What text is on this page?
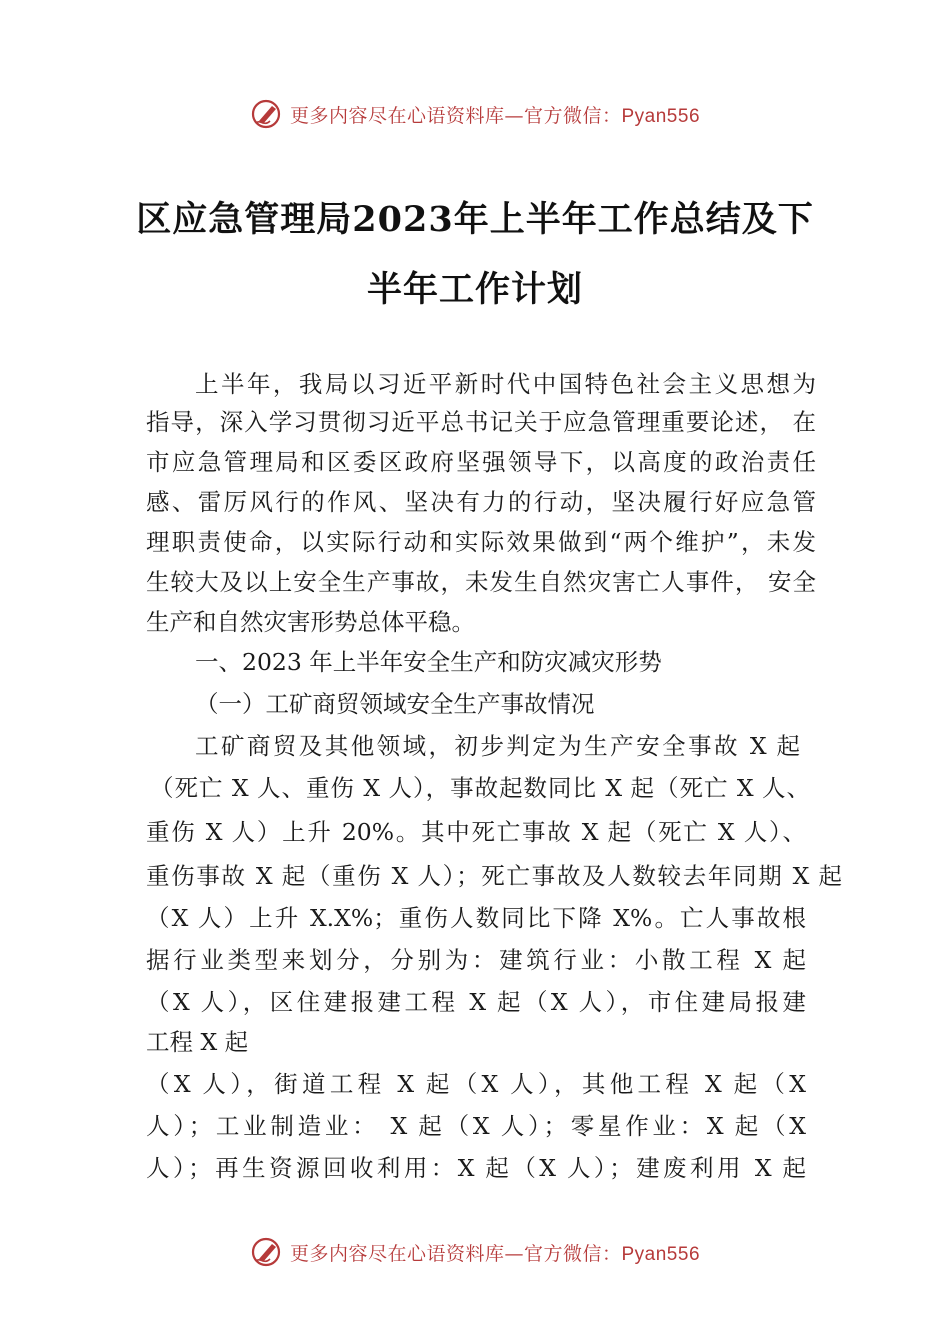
更多内容尽在心语资料库—官方微信：Pyan556
区应急管理局2023年上半年工作总结及下
半年工作计划
上半年，我局以习近平新时代中国特色社会主义思想为
指导，深入学习贯彻习近平总书记关于应急管理重要论述， 在
市应急管理局和区委区政府坚强领导下，以高度的政治责任
感、雷厉风行的作风、坚决有力的行动，坚决履行好应急管
理职责使命，以实际行动和实际效果做到“两个维护”，未发
生较大及以上安全生产事故，未发生自然灾害亡人事件， 安全
生产和自然灾害形势总体平稳。
一、2023 年上半年安全生产和防灾减灾形势
（一）工矿商贸领域安全生产事故情况
工矿商贸及其他领域，初步判定为生产安全事故 X 起
（死亡 X 人、重伤 X 人），事故起数同比 X 起（死亡 X 人、
重伤 X 人）上升 20%。其中死亡事故 X 起（死亡 X 人）、
重伤事故 X 起（重伤 X 人）；死亡事故及人数较去年同期 X 起
（X 人）上升 X.X%；重伤人数同比下降 X%。亡人事故根
据行业类型来划分，分别为：建筑行业：小散工程 X 起
（X 人），区住建报建工程 X 起（X 人），市住建局报建
工程 X 起
（X 人），街道工程 X 起（X 人），其他工程 X 起（X
人）；工业制造业： X 起（X 人）；零星作业：X 起（X
人）；再生资源回收利用：X 起（X 人）；建废利用 X 起
更多内容尽在心语资料库—官方微信：Pyan556
